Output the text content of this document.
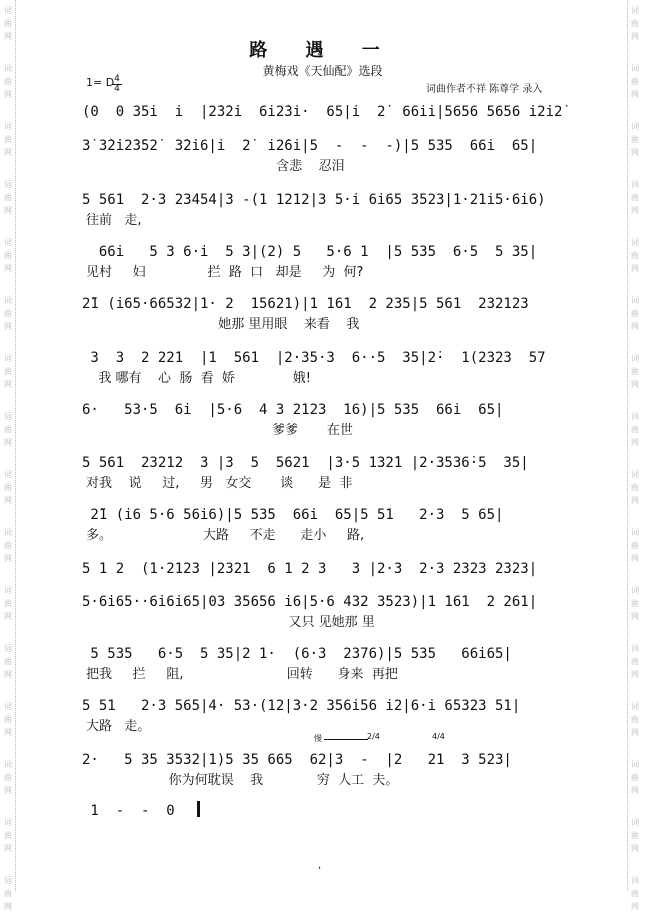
词
曲
网
词
曲
网
词
曲
网
词
曲
网
词
曲
网
词
曲
网
词
曲
网
词
曲
网
词
曲
网
词
曲
网
词
曲
网
词
曲
网
词
曲
网
词
曲
网
词
曲
网
词
曲
网
词
曲
网
词
曲
网
词
曲
网
词
曲
网
词
曲
网
词
曲
网
词
曲
网
词
曲
网
词
曲
网
词
曲
网
词
曲
网
词
曲
网
词
曲
网
词
曲
网
词
曲
网
词
曲
网
路 遇 一
黄梅戏《天仙配》选段
1= D
$\frac{4}{4}$	词曲作者不祥 陈尊学 录入
(0  0 35i  i  |2̇3̇2̇i  6i2̇3i·  65|i  2̇  66ii|5656 5656 i2̇i2̇
3̇ 3̇2̇i2̇3̇52̇  3̇2̇i6|i  2̇  i2̇6i|5  -  -  -)|5 535  66i  65|
含悲    忍泪
5 561  2·3 23454|3 -(1 1212|3 5·i 6i65 3523|1·21i5·6i6)
往前   走,
66i   5 3 6·i  5 3|(2) 5   5·6 1  |5 535  6·5  5 35|
见村     妇               拦  路  口   却是     为  何?
2̈1 (i65·66532|1· 2  15621)|1 161  2 235|5 561  232123
她那 里用眼    来看    我
3  3  2 221  |1  561  |2·35·3  6··5  35|2̇·  1(2323  57
我 哪有    心  肠  看  娇              娥!
6·   53·5  6i  |5·6  4 3 2123  16)|5 535  66i  65|
爹爹       在世
5 561  23212  3 |3  5  5621  |3·5 132̇1 |2·3536̇·5  35|
对我    说     过,     男   女交       谈      是  非
2̈1 (i6 5·6 56i6)|5 535  66i  65|5 51   2·3  5 65|
多。                      大路     不走      走小     路,
5 1 2  (1·2123 |2321  6 1 2 3   3 |2·3  2·3 2323 2323|
5·6i65··6i6i65|03 35656 i6|5·6 432 3523)|1 161  2 261|
又只 见她那 里
5 535   6·5  5 35|2 1·  (6·3  2376)|5 535   66i65|
把我     拦     阻,                         回转      身来  再把
5 51   2·3 565|4· 53·(12|3·2 356i56 i2|6·i 65323 51|
大路   走。
2·   5 35 3532|1)5 35 665  62|3  -  |2   21  3 523|
你为何耽误    我             穷  人工  夫。
1  -  -  0
慢	2/4	4/4
,
